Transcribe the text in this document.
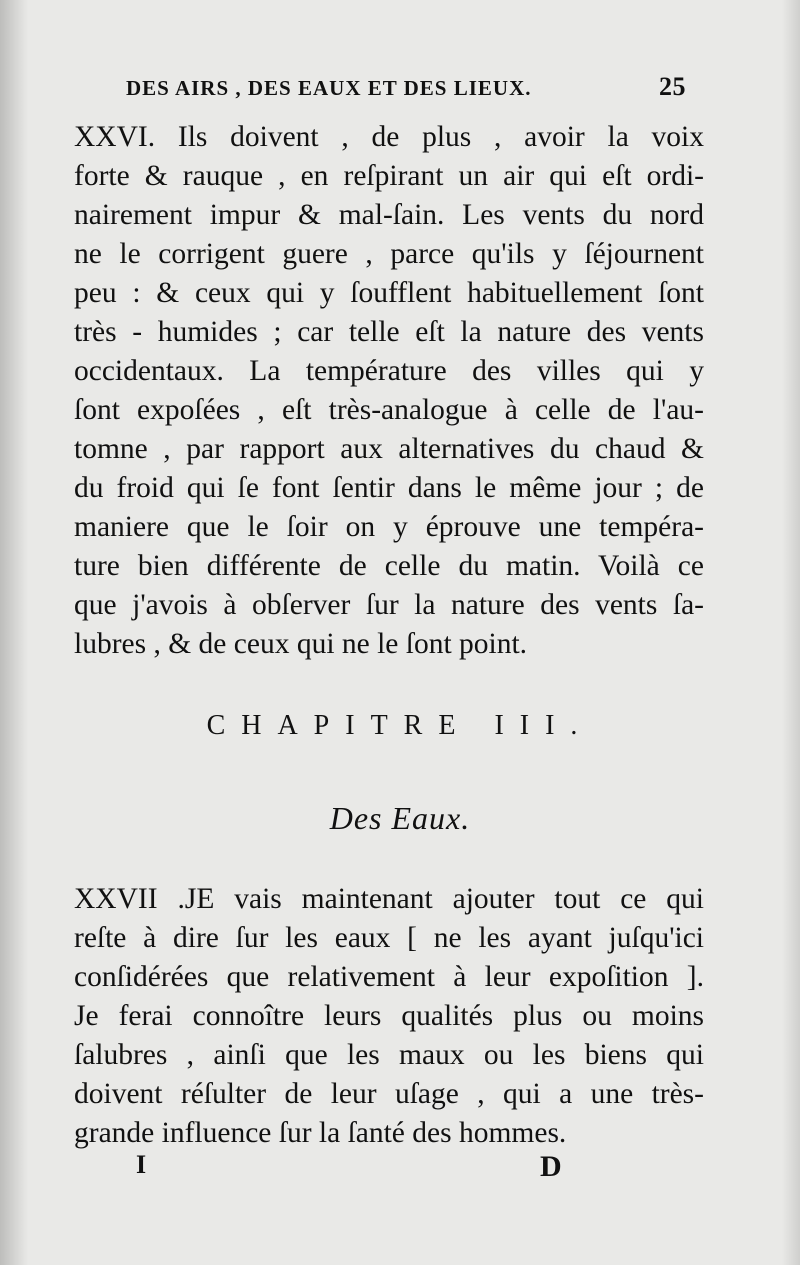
DES AIRS , DES EAUX ET DES LIEUX.	25
XXVI. Ils doivent , de plus , avoir la voix
forte & rauque , en reſpirant un air qui eſt ordi-
nairement impur & mal-ſain. Les vents du nord
ne le corrigent guere , parce qu'ils y ſéjournent
peu : & ceux qui y ſoufflent habituellement ſont
très - humides ; car telle eſt la nature des vents
occidentaux. La température des villes qui y
ſont expoſées , eſt très-analogue à celle de l'au-
tomne , par rapport aux alternatives du chaud &
du froid qui ſe font ſentir dans le même jour ; de
maniere que le ſoir on y éprouve une tempéra-
ture bien différente de celle du matin. Voilà ce
que j'avois à obſerver ſur la nature des vents ſa-
lubres , & de ceux qui ne le ſont point.
CHAPITRE III.
Des Eaux.
XXVII .JE vais maintenant ajouter tout ce qui
reſte à dire ſur les eaux [ ne les ayant juſqu'ici
conſidérées que relativement à leur expoſition ].
Je ferai connoître leurs qualités plus ou moins
ſalubres , ainſi que les maux ou les biens qui
doivent réſulter de leur uſage , qui a une très-
grande influence ſur la ſanté des hommes.
I	D
